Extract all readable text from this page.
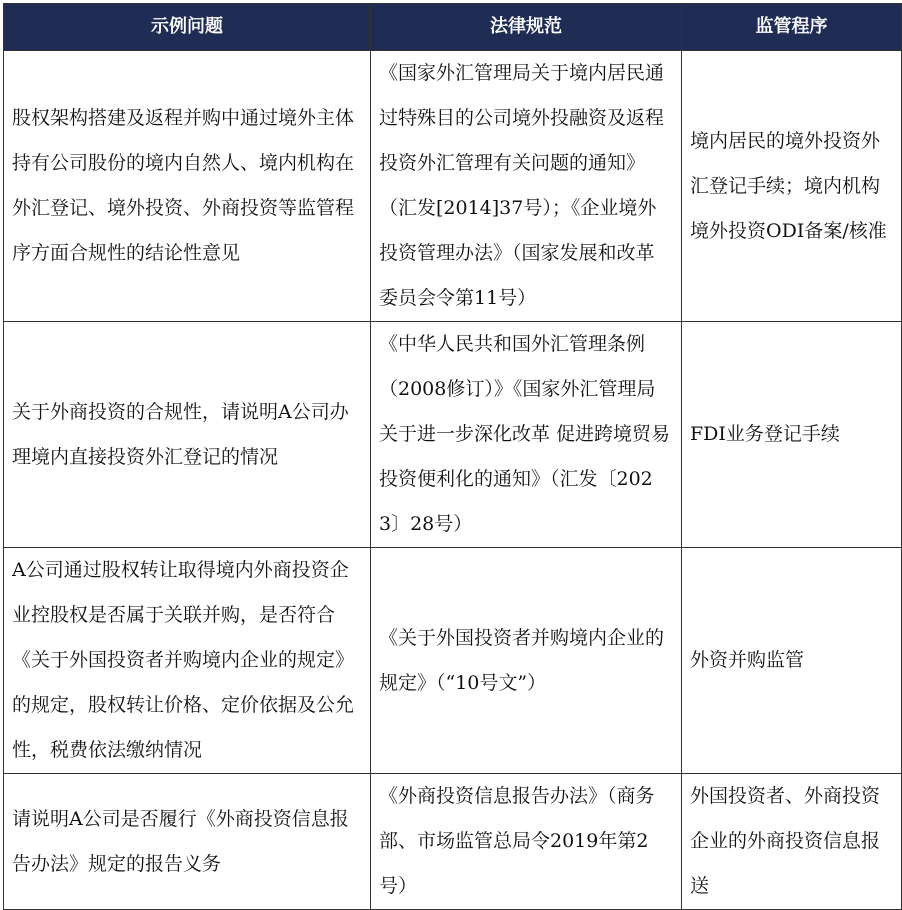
示例问题	法律规范	监管程序

股权架构搭建及返程并购中通过境外主体持有公司股份的境内自然人、境内机构在外汇登记、境外投资、外商投资等监管程序方面合规性的结论性意见	《国家外汇管理局关于境内居民通过特殊目的公司境外投融资及返程投资外汇管理有关问题的通知》（汇发[2014]37号）；《企业境外投资管理办法》（国家发展和改革委员会令第11号）	境内居民的境外投资外汇登记手续；境内机构境外投资ODI备案/核准

关于外商投资的合规性，请说明A公司办理境内直接投资外汇登记的情况	《中华人民共和国外汇管理条例（2008修订）》《国家外汇管理局关于进一步深化改革 促进跨境贸易投资便利化的通知》（汇发〔2023〕28号）	FDI业务登记手续

A公司通过股权转让取得境内外商投资企业控股权是否属于关联并购，是否符合《关于外国投资者并购境内企业的规定》的规定，股权转让价格、定价依据及公允性，税费依法缴纳情况	《关于外国投资者并购境内企业的规定》（“10号文”）	外资并购监管

请说明A公司是否履行《外商投资信息报告办法》规定的报告义务	《外商投资信息报告办法》（商务部、市场监管总局令2019年第2号）	外国投资者、外商投资企业的外商投资信息报送
